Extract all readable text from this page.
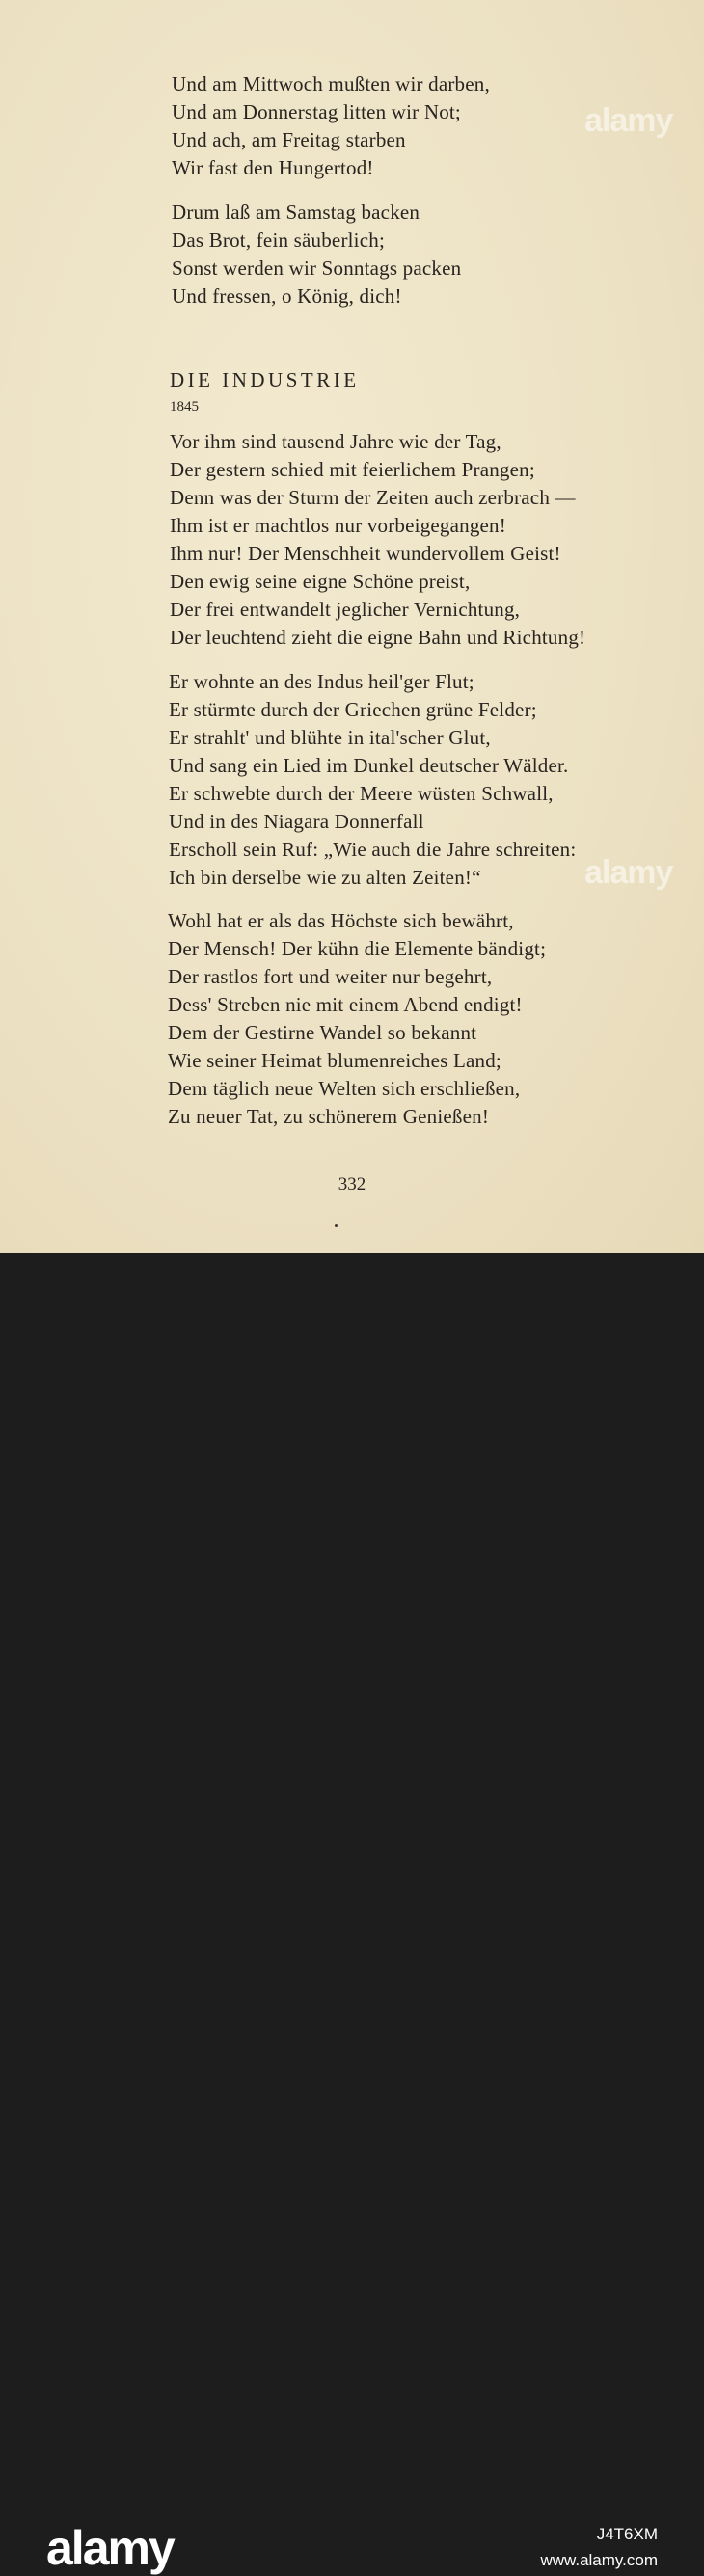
Und am Mittwoch mußten wir darben,
Und am Donnerstag litten wir Not;
Und ach, am Freitag starben
Wir fast den Hungertod!
Drum laß am Samstag backen
Das Brot, fein säuberlich;
Sonst werden wir Sonntags packen
Und fressen, o König, dich!
DIE INDUSTRIE
1845
Vor ihm sind tausend Jahre wie der Tag,
Der gestern schied mit feierlichem Prangen;
Denn was der Sturm der Zeiten auch zerbrach —
Ihm ist er machtlos nur vorbeigegangen!
Ihm nur! Der Menschheit wundervollem Geist!
Den ewig seine eigne Schöne preist,
Der frei entwandelt jeglicher Vernichtung,
Der leuchtend zieht die eigne Bahn und Richtung!
Er wohnte an des Indus heil'ger Flut;
Er stürmte durch der Griechen grüne Felder;
Er strahlt' und blühte in ital'scher Glut,
Und sang ein Lied im Dunkel deutscher Wälder.
Er schwebte durch der Meere wüsten Schwall,
Und in des Niagara Donnerfall
Erscholl sein Ruf: „Wie auch die Jahre schreiten:
Ich bin derselbe wie zu alten Zeiten!“
Wohl hat er als das Höchste sich bewährt,
Der Mensch! Der kühn die Elemente bändigt;
Der rastlos fort und weiter nur begehrt,
Dess' Streben nie mit einem Abend endigt!
Dem der Gestirne Wandel so bekannt
Wie seiner Heimat blumenreiches Land;
Dem täglich neue Welten sich erschließen,
Zu neuer Tat, zu schönerem Genießen!
332
alamy
alamy
alamy	J4T6XM
www.alamy.com
